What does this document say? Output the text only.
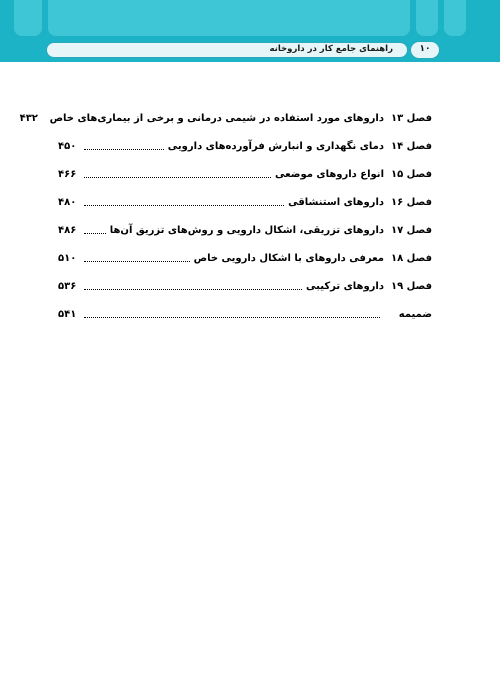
راهنمای جامع کار در داروخانه	۱۰
فصل ۱۳
داروهای مورد استفاده در شیمی درمانی و برخی از بیماری‌های خاص
۴۳۲
فصل ۱۴
دمای نگهداری و انبارش فرآورده‌های دارویی
۴۵۰
فصل ۱۵
انواع داروهای موضعی
۴۶۶
فصل ۱۶
داروهای استنشاقی
۴۸۰
فصل ۱۷
داروهای تزریقی، اشکال دارویی و روش‌های تزریق آن‌ها
۴۸۶
فصل ۱۸
معرفی داروهای با اشکال دارویی خاص
۵۱۰
فصل ۱۹
داروهای ترکیبی
۵۳۶
ضمیمه
۵۴۱
